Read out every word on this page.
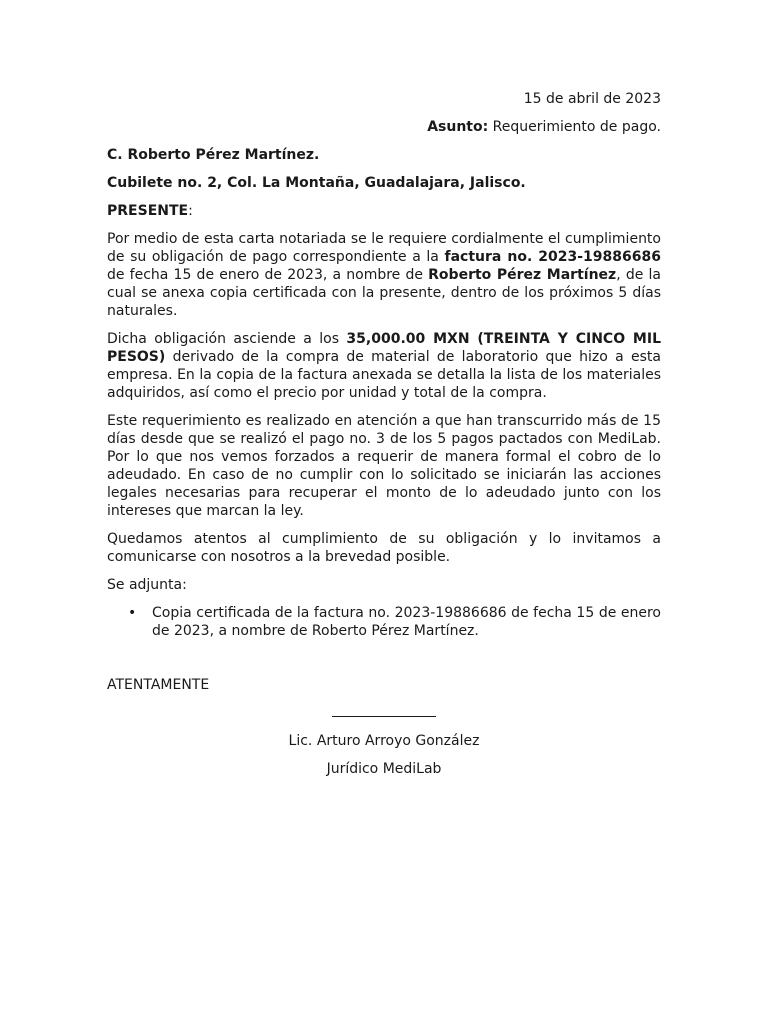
15 de abril de 2023

Asunto: Requerimiento de pago.

C. Roberto Pérez Martínez.

Cubilete no. 2, Col. La Montaña, Guadalajara, Jalisco.

PRESENTE:

Por medio de esta carta notariada se le requiere cordialmente el cumplimiento de su obligación de pago correspondiente a la factura no. 2023-19886686 de fecha 15 de enero de 2023, a nombre de Roberto Pérez Martínez, de la cual se anexa copia certificada con la presente, dentro de los próximos 5 días naturales.

Dicha obligación asciende a los 35,000.00 MXN (TREINTA Y CINCO MIL PESOS) derivado de la compra de material de laboratorio que hizo a esta empresa. En la copia de la factura anexada se detalla la lista de los materiales adquiridos, así como el precio por unidad y total de la compra.

Este requerimiento es realizado en atención a que han transcurrido más de 15 días desde que se realizó el pago no. 3 de los 5 pagos pactados con MediLab. Por lo que nos vemos forzados a requerir de manera formal el cobro de lo adeudado. En caso de no cumplir con lo solicitado se iniciarán las acciones legales necesarias para recuperar el monto de lo adeudado junto con los intereses que marcan la ley.

Quedamos atentos al cumplimiento de su obligación y lo invitamos a comunicarse con nosotros a la brevedad posible.

Se adjunta:

• Copia certificada de la factura no. 2023-19886686 de fecha 15 de enero de 2023, a nombre de Roberto Pérez Martínez.

ATENTAMENTE

Lic. Arturo Arroyo González

Jurídico MediLab
